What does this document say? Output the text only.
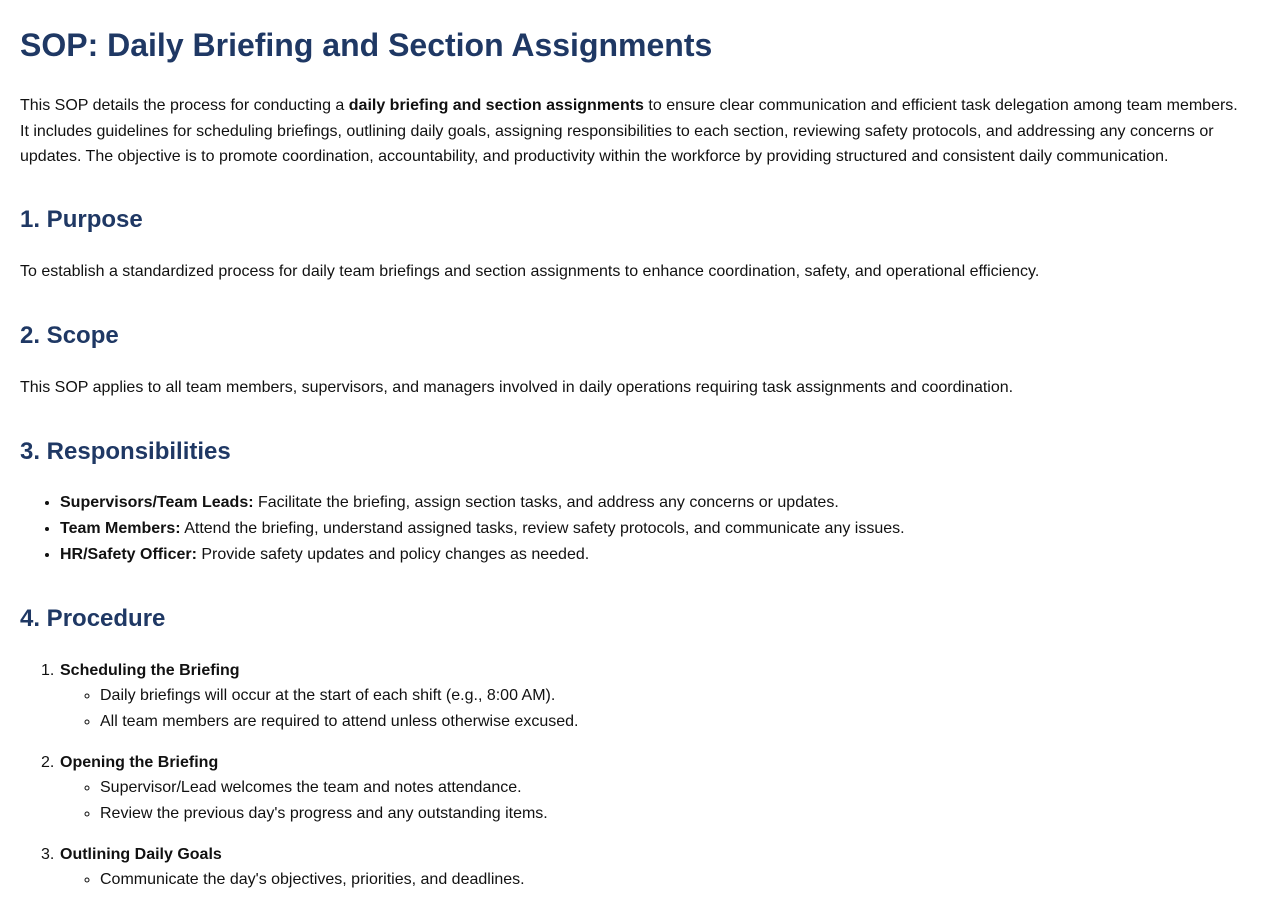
SOP: Daily Briefing and Section Assignments

This SOP details the process for conducting a daily briefing and section assignments to ensure clear communication and efficient task delegation among team members. It includes guidelines for scheduling briefings, outlining daily goals, assigning responsibilities to each section, reviewing safety protocols, and addressing any concerns or updates. The objective is to promote coordination, accountability, and productivity within the workforce by providing structured and consistent daily communication.

1. Purpose

To establish a standardized process for daily team briefings and section assignments to enhance coordination, safety, and operational efficiency.

2. Scope

This SOP applies to all team members, supervisors, and managers involved in daily operations requiring task assignments and coordination.

3. Responsibilities
• Supervisors/Team Leads: Facilitate the briefing, assign section tasks, and address any concerns or updates.
• Team Members: Attend the briefing, understand assigned tasks, review safety protocols, and communicate any issues.
• HR/Safety Officer: Provide safety updates and policy changes as needed.
4. Procedure
1. Scheduling the Briefing
◦ Daily briefings will occur at the start of each shift (e.g., 8:00 AM).
◦ All team members are required to attend unless otherwise excused.
2. Opening the Briefing
◦ Supervisor/Lead welcomes the team and notes attendance.
◦ Review the previous day's progress and any outstanding items.
3. Outlining Daily Goals
◦ Communicate the day's objectives, priorities, and deadlines.
